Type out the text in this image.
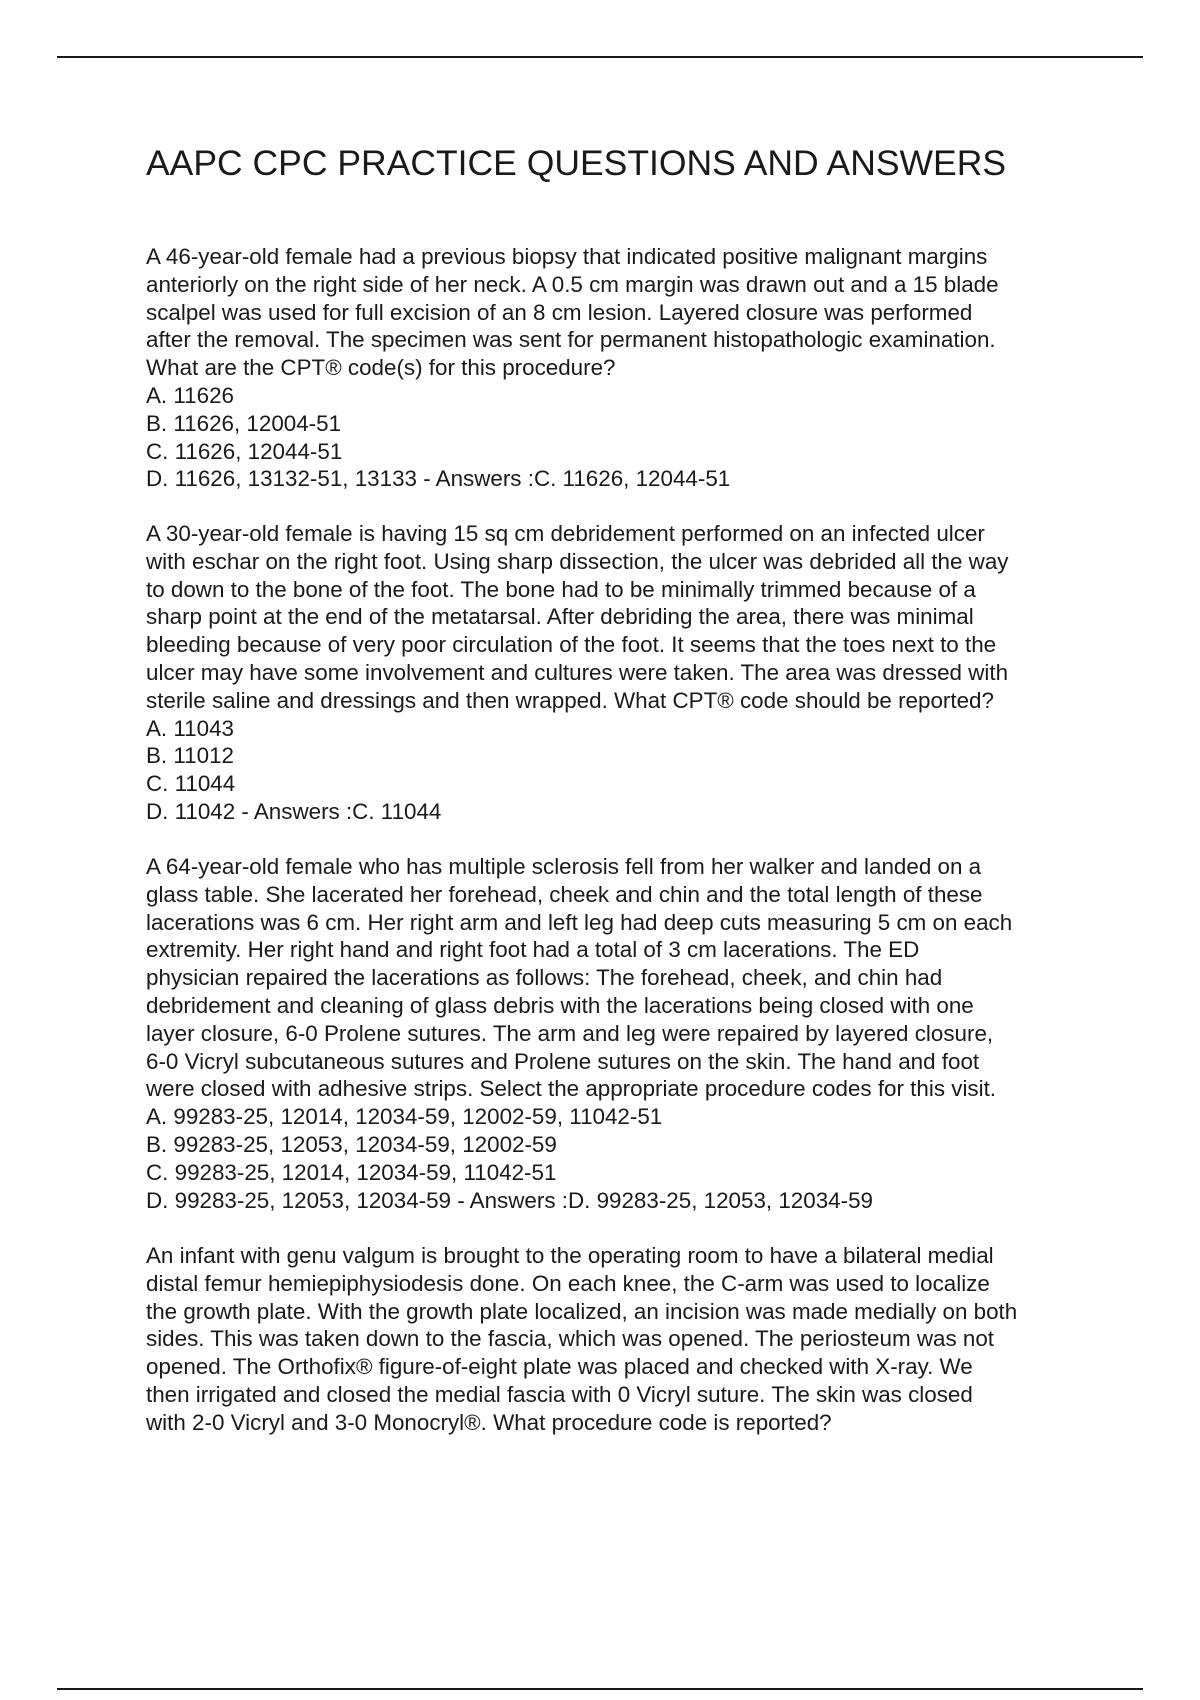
AAPC CPC PRACTICE QUESTIONS AND ANSWERS

A 46-year-old female had a previous biopsy that indicated positive malignant margins

anteriorly on the right side of her neck. A 0.5 cm margin was drawn out and a 15 blade

scalpel was used for full excision of an 8 cm lesion. Layered closure was performed

after the removal. The specimen was sent for permanent histopathologic examination.

What are the CPT® code(s) for this procedure?

A. 11626

B. 11626, 12004-51

C. 11626, 12044-51

D. 11626, 13132-51, 13133 - Answers :C. 11626, 12044-51

A 30-year-old female is having 15 sq cm debridement performed on an infected ulcer

with eschar on the right foot. Using sharp dissection, the ulcer was debrided all the way

to down to the bone of the foot. The bone had to be minimally trimmed because of a

sharp point at the end of the metatarsal. After debriding the area, there was minimal

bleeding because of very poor circulation of the foot. It seems that the toes next to the

ulcer may have some involvement and cultures were taken. The area was dressed with

sterile saline and dressings and then wrapped. What CPT® code should be reported?

A. 11043

B. 11012

C. 11044

D. 11042 - Answers :C. 11044

A 64-year-old female who has multiple sclerosis fell from her walker and landed on a

glass table. She lacerated her forehead, cheek and chin and the total length of these

lacerations was 6 cm. Her right arm and left leg had deep cuts measuring 5 cm on each

extremity. Her right hand and right foot had a total of 3 cm lacerations. The ED

physician repaired the lacerations as follows: The forehead, cheek, and chin had

debridement and cleaning of glass debris with the lacerations being closed with one

layer closure, 6-0 Prolene sutures. The arm and leg were repaired by layered closure,

6-0 Vicryl subcutaneous sutures and Prolene sutures on the skin. The hand and foot

were closed with adhesive strips. Select the appropriate procedure codes for this visit.

A. 99283-25, 12014, 12034-59, 12002-59, 11042-51

B. 99283-25, 12053, 12034-59, 12002-59

C. 99283-25, 12014, 12034-59, 11042-51

D. 99283-25, 12053, 12034-59 - Answers :D. 99283-25, 12053, 12034-59

An infant with genu valgum is brought to the operating room to have a bilateral medial

distal femur hemiepiphysiodesis done. On each knee, the C-arm was used to localize

the growth plate. With the growth plate localized, an incision was made medially on both

sides. This was taken down to the fascia, which was opened. The periosteum was not

opened. The Orthofix® figure-of-eight plate was placed and checked with X-ray. We

then irrigated and closed the medial fascia with 0 Vicryl suture. The skin was closed

with 2-0 Vicryl and 3-0 Monocryl®. What procedure code is reported?
